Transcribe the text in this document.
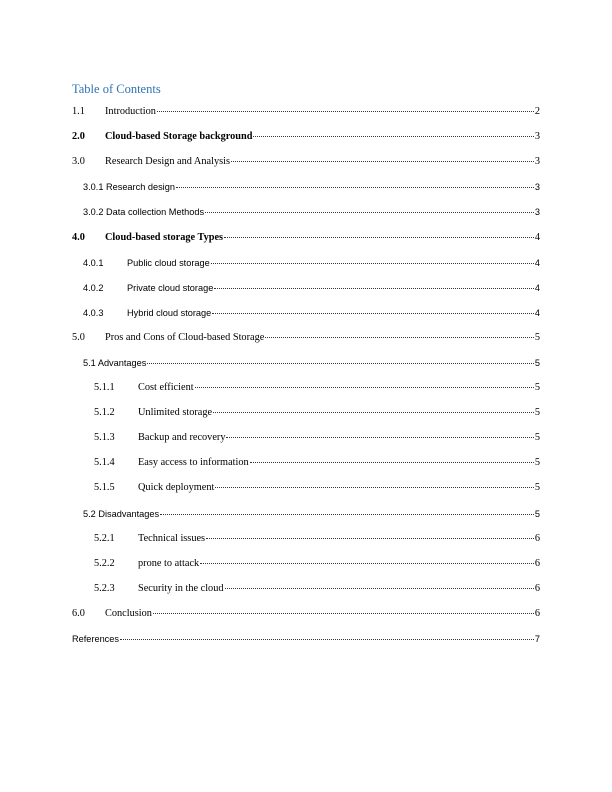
Table of Contents
1.1	Introduction	2
2.0	Cloud-based Storage background	3
3.0	Research Design and Analysis	3
3.0.1 Research design	3
3.0.2 Data collection Methods	3
4.0	Cloud-based storage Types	4
4.0.1	Public cloud storage	4
4.0.2	Private cloud storage	4
4.0.3	Hybrid cloud storage	4
5.0	Pros and Cons of Cloud-based Storage	5
5.1 Advantages	5
5.1.1	Cost efficient	5
5.1.2	Unlimited storage	5
5.1.3	Backup and recovery	5
5.1.4	Easy access to information	5
5.1.5	Quick deployment	5
5.2 Disadvantages	5
5.2.1	Technical issues	6
5.2.2	prone to attack	6
5.2.3	Security in the cloud	6
6.0	Conclusion	6
References	7
